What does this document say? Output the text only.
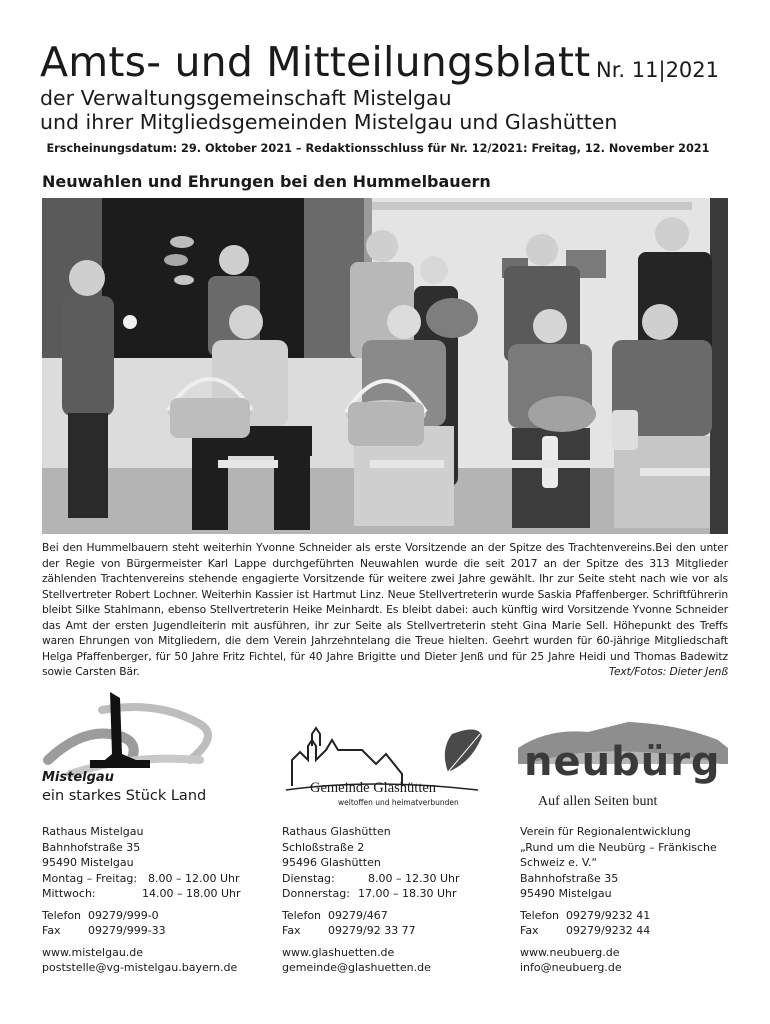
Amts- und Mitteilungsblatt Nr. 11|2021
der Verwaltungsgemeinschaft Mistelgau
und ihrer Mitgliedsgemeinden Mistelgau und Glashütten
Erscheinungsdatum: 29. Oktober 2021 – Redaktionsschluss für Nr. 12/2021: Freitag, 12. November 2021
Neuwahlen und Ehrungen bei den Hummelbauern
Bei den Hummelbauern steht weiterhin Yvonne Schneider als erste Vorsitzende an der Spitze des Trachtenvereins.Bei den unter der Regie von Bürgermeister Karl Lappe durchgeführten Neuwahlen wurde die seit 2017 an der Spitze des 313 Mitglieder zählenden Trachtenvereins stehende engagierte Vorsitzende für weitere zwei Jahre gewählt. Ihr zur Seite steht nach wie vor als Stellvertreter Robert Lochner. Weiterhin Kassier ist Hartmut Linz. Neue Stellvertreterin wurde Saskia Pfaffenberger. Schriftführerin bleibt Silke Stahlmann, ebenso Stellvertreterin Heike Meinhardt. Es bleibt dabei: auch künftig wird Vorsitzende Yvonne Schneider das Amt der ersten Jugendleiterin mit ausführen, ihr zur Seite als Stellvertreterin steht Gina Marie Sell. Höhepunkt des Treffs waren Ehrungen von Mitgliedern, die dem Verein Jahrzehntelang die Treue hielten. Geehrt wurden für 60-jährige Mitgliedschaft Helga Pfaffenberger, für 50 Jahre Fritz Fichtel, für 40 Jahre Brigitte und Dieter Jenß und für 25 Jahre Heidi und Thomas Badewitz sowie Carsten Bär.	Text/Fotos: Dieter Jenß
Mistelgau
ein starkes Stück Land	Gemeinde Glashütten
weltoffen und heimatverbunden
neubürg
Auf allen Seiten bunt
Rathaus Mistelgau
Bahnhofstraße 35
95490 Mistelgau
Montag – Freitag: 8.00 – 12.00 Uhr
Mittwoch:	14.00 – 18.00 Uhr
Telefon 09279/999-0
Fax	09279/999-33
www.mistelgau.de
poststelle@vg-mistelgau.bayern.de
Rathaus Glashütten
Schloßstraße 2
95496 Glashütten
Dienstag:	8.00 – 12.30 Uhr
Donnerstag: 17.00 – 18.30 Uhr
Telefon 09279/467
Fax	09279/92 33 77
www.glashuetten.de
gemeinde@glashuetten.de
Verein für Regionalentwicklung
„Rund um die Neubürg – Fränkische
Schweiz e. V.“
Bahnhofstraße 35
95490 Mistelgau
Telefon 09279/9232 41
Fax	09279/9232 44
www.neubuerg.de
info@neubuerg.de
